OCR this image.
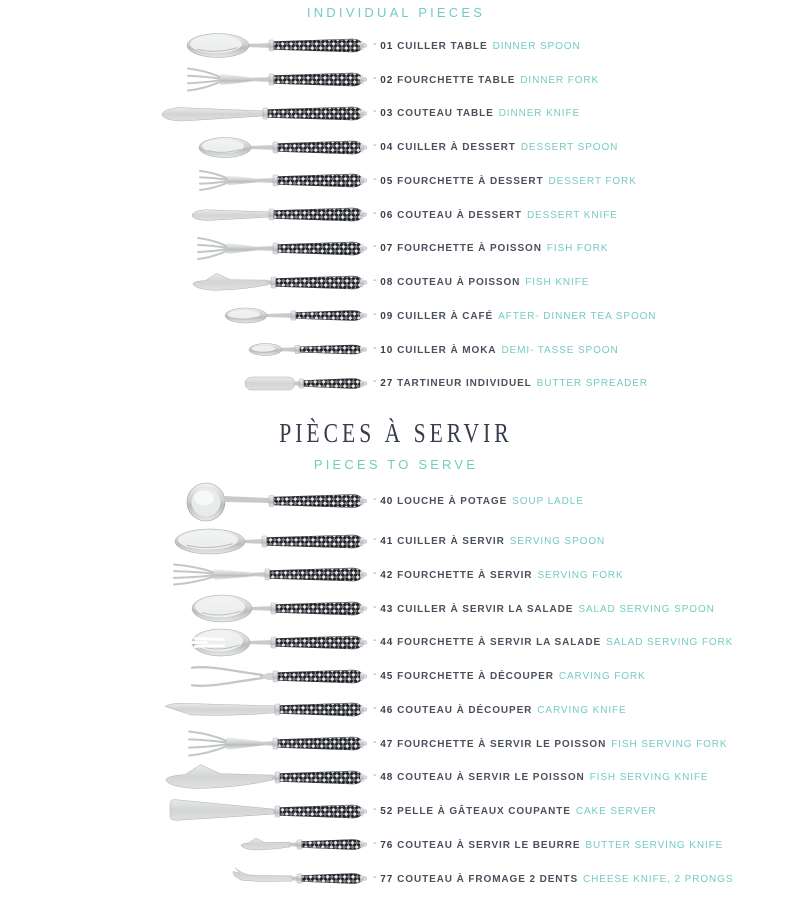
INDIVIDUAL PIECES
- 01 CUILLER TABLE DINNER SPOON
- 02 FOURCHETTE TABLE DINNER FORK
- 03 COUTEAU TABLE DINNER KNIFE
- 04 CUILLER À DESSERT DESSERT SPOON
- 05 FOURCHETTE À DESSERT DESSERT FORK
- 06 COUTEAU À DESSERT DESSERT KNIFE
- 07 FOURCHETTE À POISSON FISH FORK
- 08 COUTEAU À POISSON FISH KNIFE
- 09 CUILLER À CAFÉ AFTER- DINNER TEA SPOON
- 10 CUILLER À MOKA DEMI- TASSE SPOON
- 27 TARTINEUR INDIVIDUEL BUTTER SPREADER
PIÈCES À SERVIR
PIECES TO SERVE
- 40 LOUCHE À POTAGE SOUP LADLE
- 41 CUILLER À SERVIR SERVING SPOON
- 42 FOURCHETTE À SERVIR SERVING FORK
- 43 CUILLER À SERVIR LA SALADE SALAD SERVING SPOON
- 44 FOURCHETTE À SERVIR LA SALADE SALAD SERVING FORK
- 45 FOURCHETTE À DÉCOUPER CARVING FORK
- 46 COUTEAU À DÉCOUPER CARVING KNIFE
- 47 FOURCHETTE À SERVIR LE POISSON FISH SERVING FORK
- 48 COUTEAU À SERVIR LE POISSON FISH SERVING KNIFE
- 52 PELLE À GÂTEAUX COUPANTE CAKE SERVER
- 76 COUTEAU À SERVIR LE BEURRE BUTTER SERVING KNIFE
- 77 COUTEAU À FROMAGE 2 DENTS CHEESE KNIFE, 2 PRONGS
